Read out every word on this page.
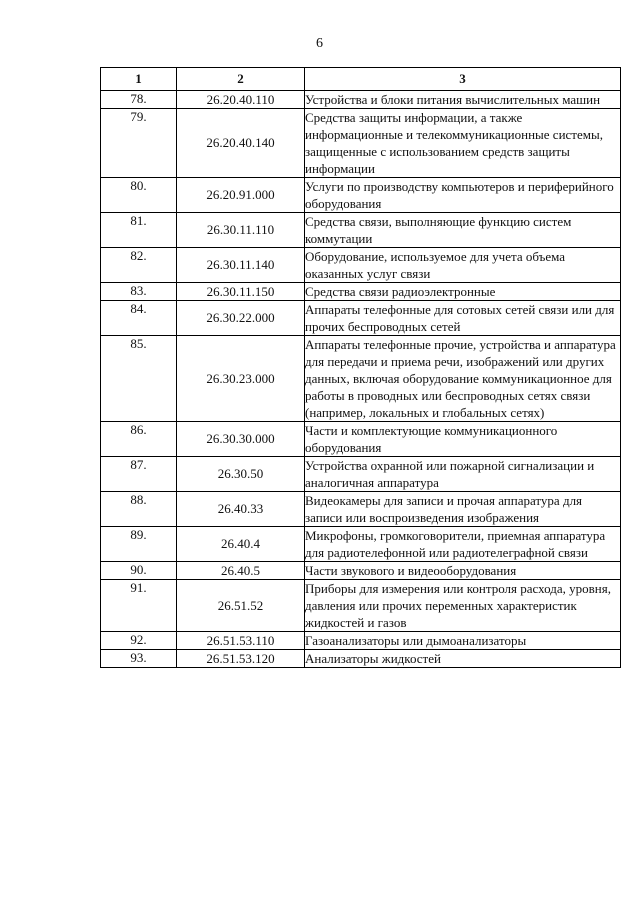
6
1	2	3
78.	26.20.40.110	Устройства и блоки питания вычислительных машин
79.	26.20.40.140	Средства защиты информации, а также информационные и телекоммуникационные системы, защищенные с использованием средств защиты информации
80.	26.20.91.000	Услуги по производству компьютеров и периферийного оборудования
81.	26.30.11.110	Средства связи, выполняющие функцию систем коммутации
82.	26.30.11.140	Оборудование, используемое для учета объема оказанных услуг связи
83.	26.30.11.150	Средства связи радиоэлектронные
84.	26.30.22.000	Аппараты телефонные для сотовых сетей связи или для прочих беспроводных сетей
85.	26.30.23.000	Аппараты телефонные прочие, устройства и аппаратура для передачи и приема речи, изображений или других данных, включая оборудование коммуникационное для работы в проводных или беспроводных сетях связи (например, локальных и глобальных сетях)
86.	26.30.30.000	Части и комплектующие коммуникационного оборудования
87.	26.30.50	Устройства охранной или пожарной сигнализации и аналогичная аппаратура
88.	26.40.33	Видеокамеры для записи и прочая аппаратура для записи или воспроизведения изображения
89.	26.40.4	Микрофоны, громкоговорители, приемная аппаратура для радиотелефонной или радиотелеграфной связи
90.	26.40.5	Части звукового и видеооборудования
91.	26.51.52	Приборы для измерения или контроля расхода, уровня, давления или прочих переменных характеристик жидкостей и газов
92.	26.51.53.110	Газоанализаторы или дымоанализаторы
93.	26.51.53.120	Анализаторы жидкостей
